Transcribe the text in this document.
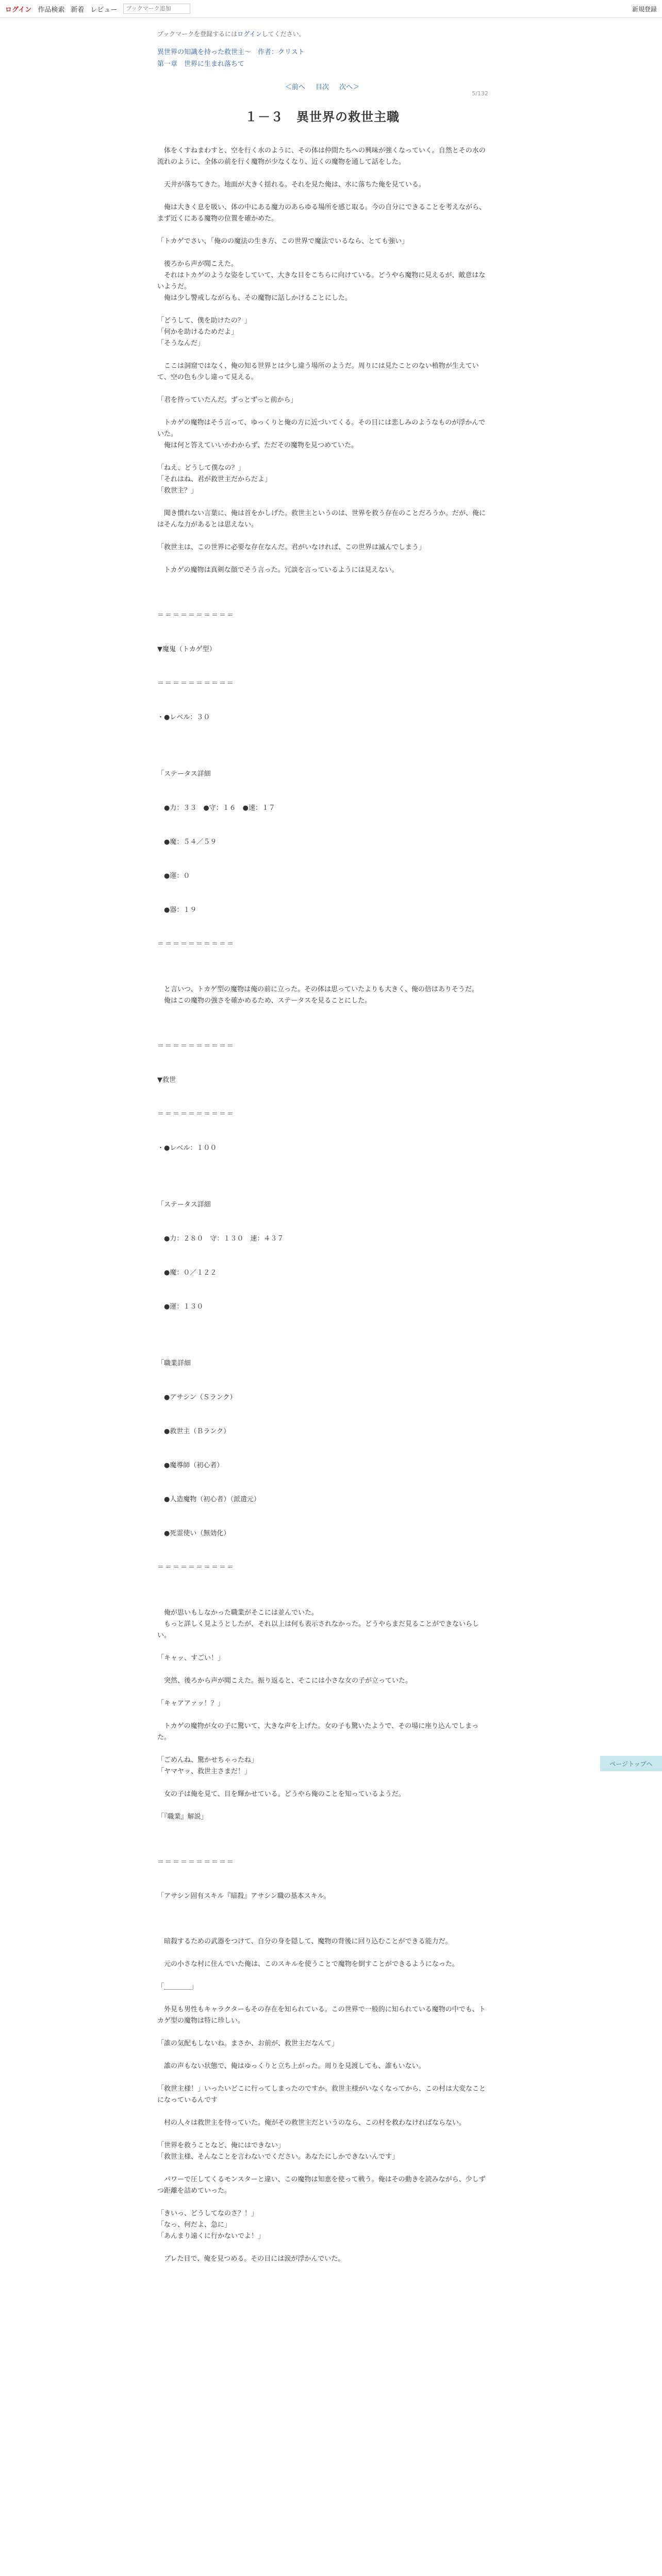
ログイン 作品検索 新着 レビュー
ブックマーク追加	新規登録
ブックマークを登録するにはログインしてください。
異世界の知識を持った救世主〜　 作者：クリスト
第一章　世界に生まれ落ちて
＜前へ 目次 次へ＞
5/132
１－３　異世界の救世主職

　体をくすねまわすと、空を行く水のように、その体は仲間たちへの興味が強くなっていく。自然とその水の流れのように、全体の前を行く魔物が少なくなり、近くの魔物を通して話をした。

　天井が落ちてきた。地面が大きく揺れる。それを見た俺は、水に落ちた俺を見ている。

　俺は大きく息を吸い、体の中にある魔力のあらゆる場所を感じ取る。今の自分にできることを考えながら、まず近くにある魔物の位置を確かめた。

「トカゲでさい、「俺のの魔法の生き方、この世界で魔法でいるなら、とても強い」

　後ろから声が聞こえた。
　それはトカゲのような姿をしていて、大きな目をこちらに向けている。どうやら魔物に見えるが、敵意はないようだ。
　俺は少し警戒しながらも、その魔物に話しかけることにした。

「どうして、僕を助けたの？」
「何かを助けるためだよ」
「そうなんだ」

　ここは洞窟ではなく、俺の知る世界とは少し違う場所のようだ。周りには見たことのない植物が生えていて、空の色も少し違って見える。

「君を待っていたんだ。ずっとずっと前から」

　トカゲの魔物はそう言って、ゆっくりと俺の方に近づいてくる。その目には悲しみのようなものが浮かんでいた。
　俺は何と答えていいかわからず、ただその魔物を見つめていた。

「ねえ、どうして僕なの？」
「それはね、君が救世主だからだよ」
「救世主？」

　聞き慣れない言葉に、俺は首をかしげた。救世主というのは、世界を救う存在のことだろうか。だが、俺にはそんな力があるとは思えない。

「救世主は、この世界に必要な存在なんだ。君がいなければ、この世界は滅んでしまう」

　トカゲの魔物は真剣な顔でそう言った。冗談を言っているようには見えない。

＝＝＝＝＝＝＝＝＝＝

▼魔鬼（トカゲ型）

＝＝＝＝＝＝＝＝＝＝

・●レベル：３０

「ステータス詳細

　●力：３３　●守：１６　●速：１７

　●魔：５４／５９

　●運：０

　●器：１９

＝＝＝＝＝＝＝＝＝＝

　と言いつ、トカゲ型の魔物は俺の前に立った。その体は思っていたよりも大きく、俺の倍はありそうだ。
　俺はこの魔物の強さを確かめるため、ステータスを見ることにした。

＝＝＝＝＝＝＝＝＝＝

▼救世

＝＝＝＝＝＝＝＝＝＝

・●レベル：１００

「ステータス詳細

　●力：２８０　守：１３０　速：４３７

　●魔：０／１２２

　●運：１３０

「職業詳細

　●アサシン（Ｓランク）

　●救世主（Ｂランク）

　●魔導師（初心者）

　●人造魔物（初心者）（派遣元）

　●死霊使い（無効化）

＝＝＝＝＝＝＝＝＝＝

　俺が思いもしなかった職業がそこには並んでいた。
　もっと詳しく見ようとしたが、それ以上は何も表示されなかった。どうやらまだ見ることができないらしい。

「キャッ、すごい！」

　突然、後ろから声が聞こえた。振り返ると、そこには小さな女の子が立っていた。

「キャアアァッ！？」

　トカゲの魔物が女の子に驚いて、大きな声を上げた。女の子も驚いたようで、その場に座り込んでしまった。

「ごめんね、驚かせちゃったね」
「ヤマヤッ、救世主さまだ！」

　女の子は俺を見て、目を輝かせている。どうやら俺のことを知っているようだ。

「『職業』解説」

＝＝＝＝＝＝＝＝＝＝

「アサシン固有スキル『暗殺』アサシン職の基本スキル。

　暗殺するための武器をつけて、自分の身を隠して、魔物の背後に回り込むことができる能力だ。

　元の小さな村に住んでいた俺は、このスキルを使うことで魔物を倒すことができるようになった。

「＿＿＿＿」

　外見も男性もキャラクターもその存在を知られている。この世界で一般的に知られている魔物の中でも、トカゲ型の魔物は特に珍しい。

「誰の気配もしないね。まさか、お前が、救世主だなんて」

　誰の声もない状態で、俺はゆっくりと立ち上がった。周りを見渡しても、誰もいない。

「救世主様！」いったいどこに行ってしまったのですか。救世主様がいなくなってから、この村は大変なことになっているんです

　村の人々は救世主を待っていた。俺がその救世主だというのなら、この村を救わなければならない。

「世界を救うことなど、俺にはできない」
「救世主様、そんなことを言わないでください。あなたにしかできないんです」

　パワーで圧してくるモンスターと違い、この魔物は知恵を使って戦う。俺はその動きを読みながら、少しずつ距離を詰めていった。

「きいっ、どうしてなのさ？！」
「なっ、何だよ、急に」
「あんまり遠くに行かないでよ！」

　ブレた目で、俺を見つめる。その目には涙が浮かんでいた。

ページトップへ
